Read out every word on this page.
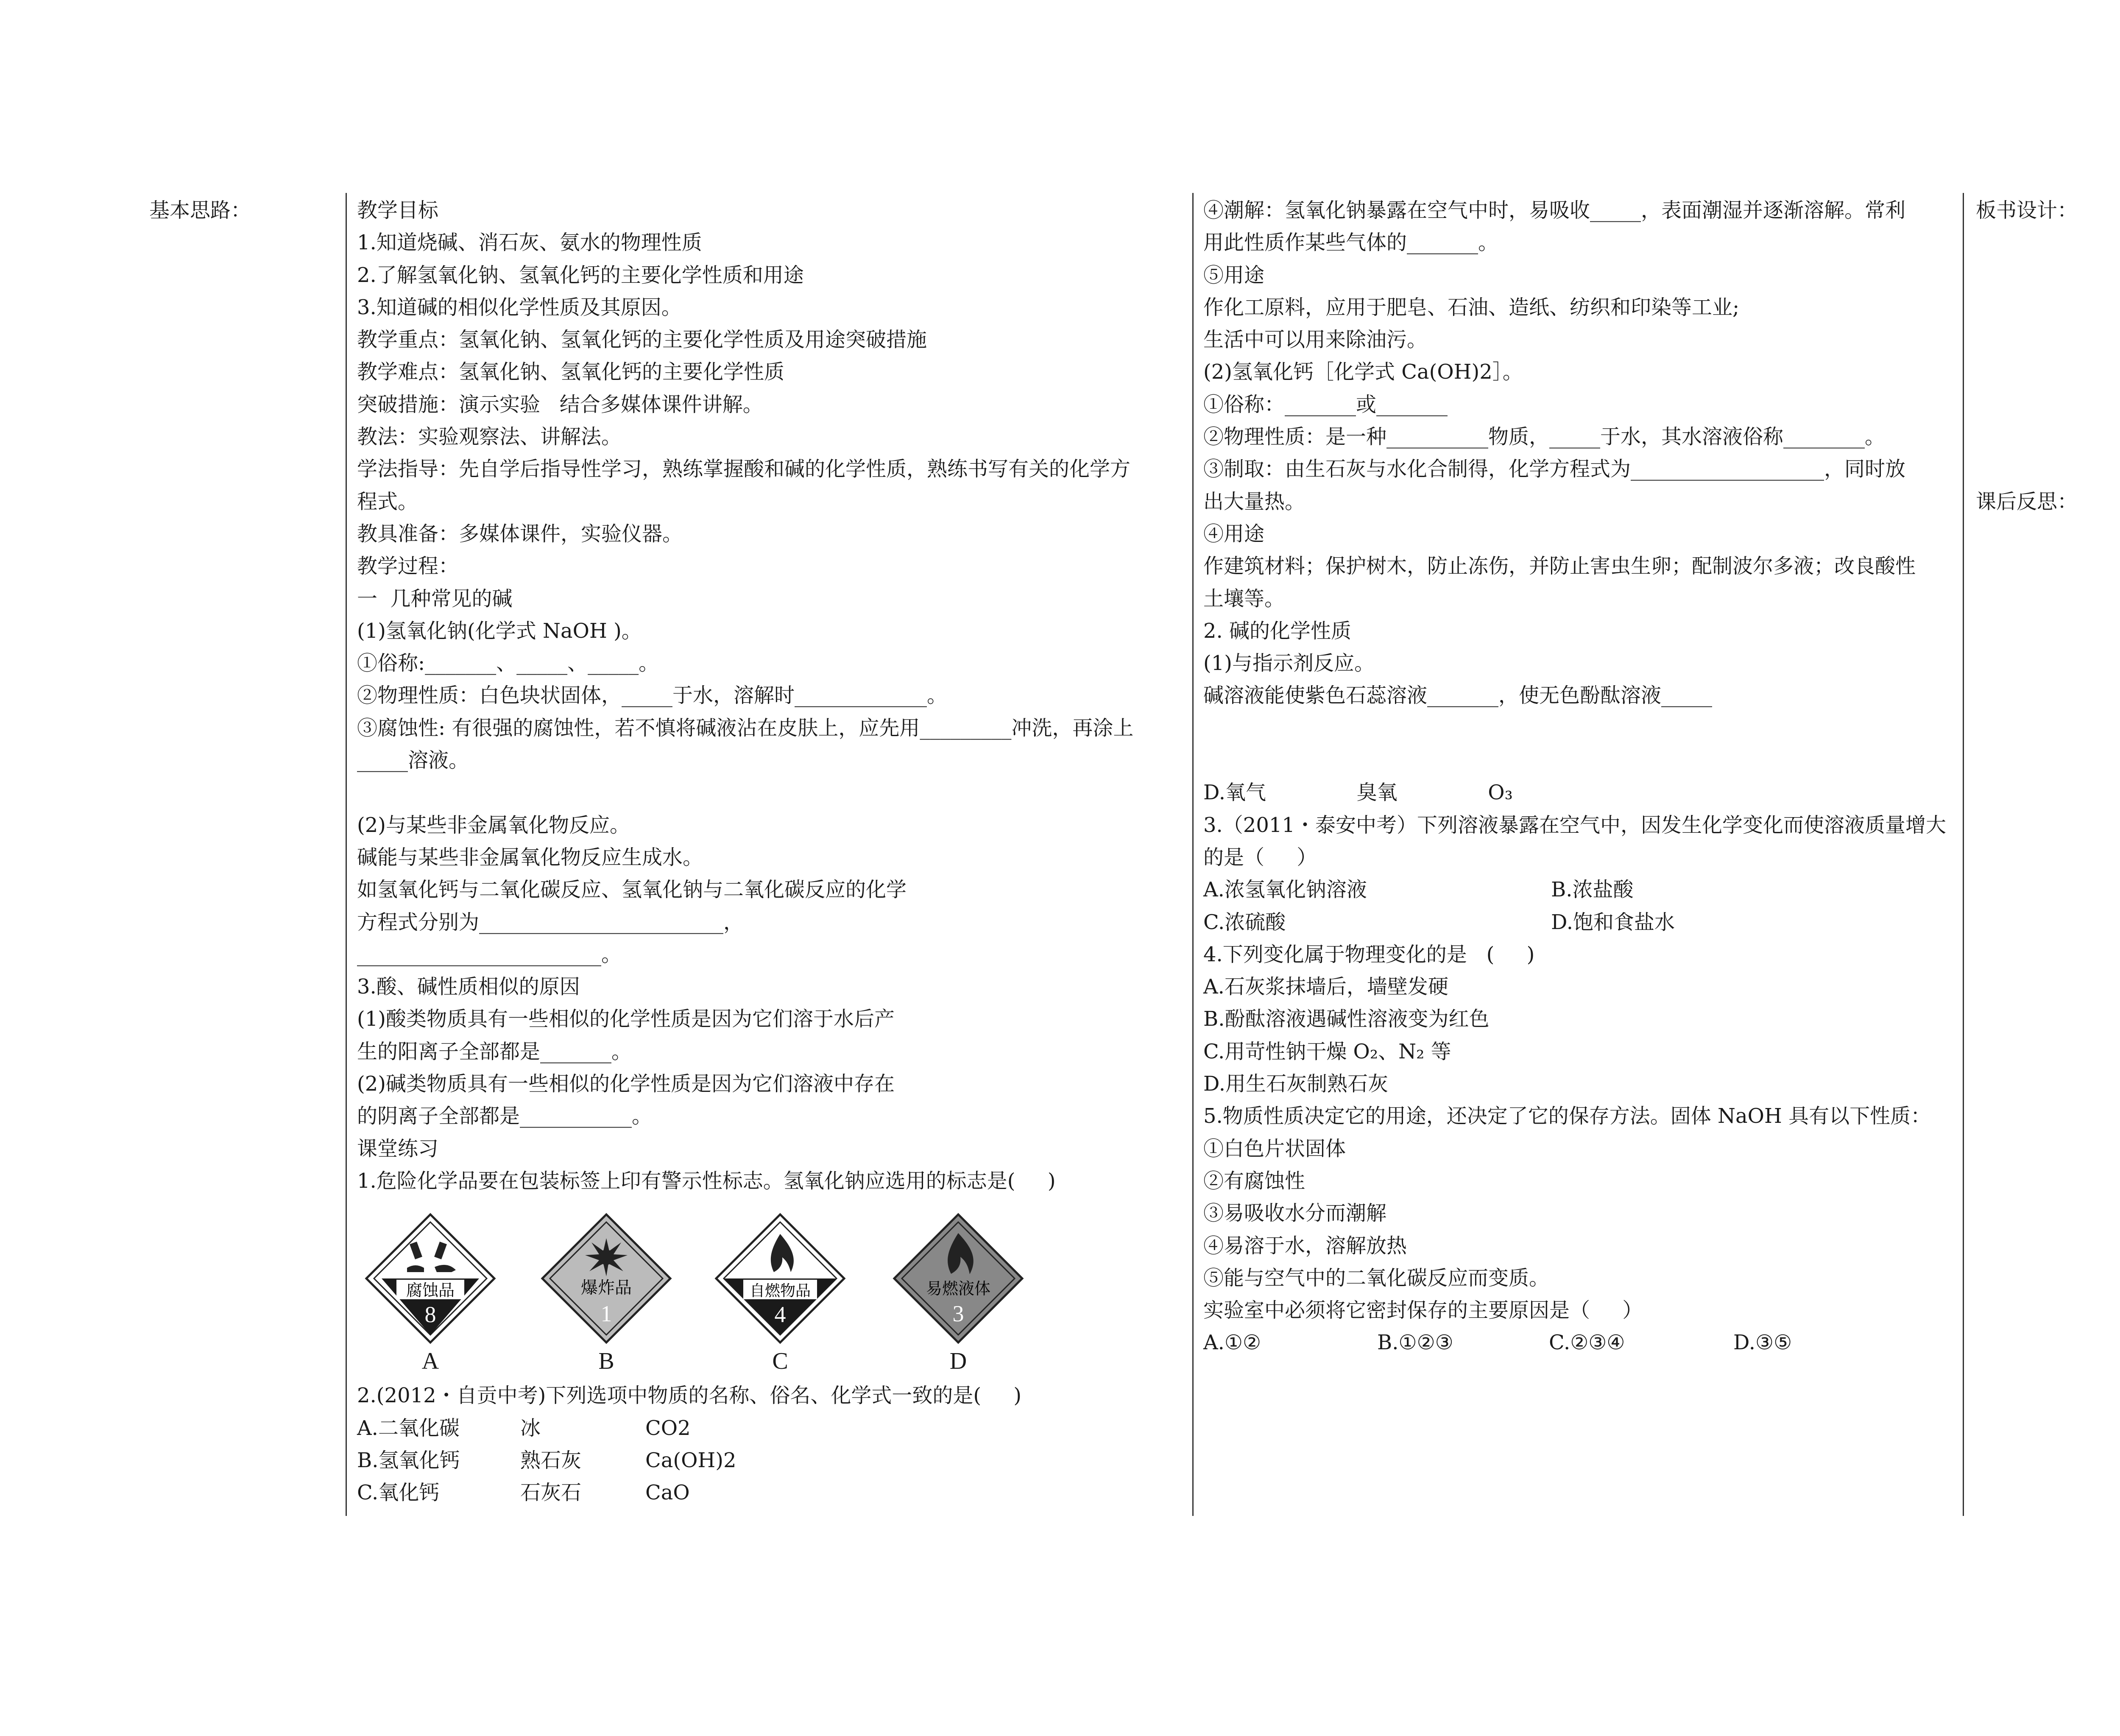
基本思路：	教学目标
1.知道烧碱、消石灰、氨水的物理性质
2.了解氢氧化钠、氢氧化钙的主要化学性质和用途
3.知道碱的相似化学性质及其原因。
教学重点：氢氧化钠、氢氧化钙的主要化学性质及用途突破措施
教学难点：氢氧化钠、氢氧化钙的主要化学性质
突破措施：演示实验   结合多媒体课件讲解。
教法：实验观察法、讲解法。
学法指导：先自学后指导性学习，熟练掌握酸和碱的化学性质，熟练书写有关的化学方
程式。
教具准备：多媒体课件，实验仪器。
教学过程：
一  几种常见的碱
(1)氢氧化钠(化学式 NaOH )。
①俗称:_______、_____、_____。
②物理性质：白色块状固体，_____于水，溶解时_____________。
③腐蚀性: 有很强的腐蚀性，若不慎将碱液沾在皮肤上，应先用_________冲洗，再涂上
_____溶液。
(2)与某些非金属氧化物反应。
碱能与某些非金属氧化物反应生成水。
如氢氧化钙与二氧化碳反应、氢氧化钠与二氧化碳反应的化学
方程式分别为________________________，
________________________。
3.酸、碱性质相似的原因
(1)酸类物质具有一些相似的化学性质是因为它们溶于水后产
生的阳离子全部都是_______。
(2)碱类物质具有一些相似的化学性质是因为它们溶液中存在
的阴离子全部都是___________。
课堂练习
1.危险化学品要在包装标签上印有警示性标志。氢氧化钠应选用的标志是(     )
2.(2012・自贡中考)下列选项中物质的名称、俗名、化学式一致的是(     )
A.二氧化碳	冰	CO2
B.氢氧化钙	熟石灰	Ca(OH)2
C.氧化钙	石灰石	CaO
腐蚀品
8
A
爆炸品
1
B
自燃物品
4
C
易燃液体
3
D
④潮解：氢氧化钠暴露在空气中时，易吸收_____，表面潮湿并逐渐溶解。常利
用此性质作某些气体的_______。
⑤用途
作化工原料，应用于肥皂、石油、造纸、纺织和印染等工业;
生活中可以用来除油污。
(2)氢氧化钙［化学式 Ca(OH)2］。
①俗称：_______或_______
②物理性质：是一种__________物质，_____于水，其水溶液俗称________。
③制取：由生石灰与水化合制得，化学方程式为___________________，同时放
出大量热。
④用途
作建筑材料；保护树木，防止冻伤，并防止害虫生卵；配制波尔多液；改良酸性
土壤等。
2. 碱的化学性质
(1)与指示剂反应。
碱溶液能使紫色石蕊溶液_______，使无色酚酞溶液_____
D.氧气              臭氧              O₃
3.（2011・泰安中考）下列溶液暴露在空气中，因发生化学变化而使溶液质量增大
的是（     ）
A.浓氢氧化钠溶液	B.浓盐酸
C.浓硫酸	D.饱和食盐水
4.下列变化属于物理变化的是   (     )
A.石灰浆抹墙后，墙壁发硬
B.酚酞溶液遇碱性溶液变为红色
C.用苛性钠干燥 O₂、N₂ 等
D.用生石灰制熟石灰
5.物质性质决定它的用途，还决定了它的保存方法。固体 NaOH 具有以下性质：
①白色片状固体
②有腐蚀性
③易吸收水分而潮解
④易溶于水，溶解放热
⑤能与空气中的二氧化碳反应而变质。
实验室中必须将它密封保存的主要原因是（     ）
A.①②	B.①②③	C.②③④	D.③⑤
板书设计：
课后反思：
